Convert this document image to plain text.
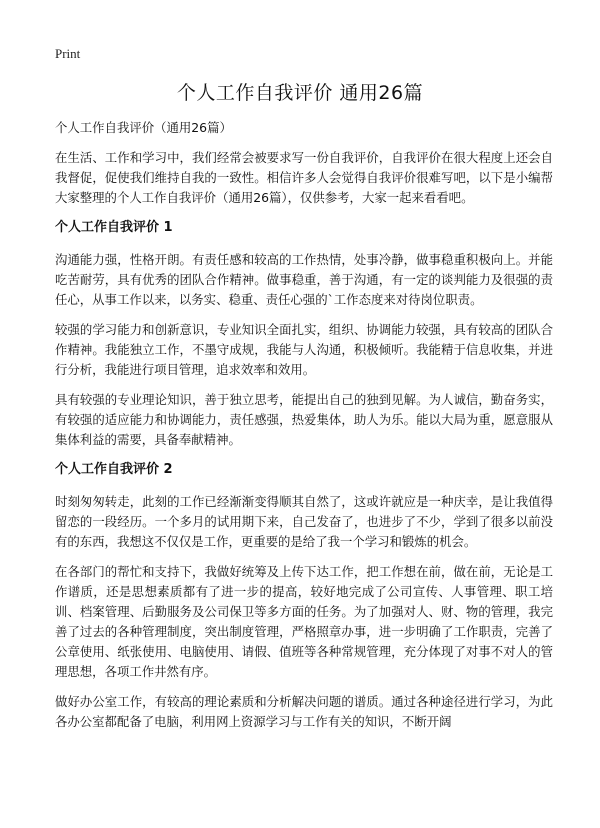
Print
个人工作自我评价 通用26篇

个人工作自我评价（通用26篇）

在生活、工作和学习中，我们经常会被要求写一份自我评价，自我评价在很大程度上还会自我督促，促使我们维持自我的一致性。相信许多人会觉得自我评价很难写吧，以下是小编帮大家整理的个人工作自我评价（通用26篇），仅供参考，大家一起来看看吧。

个人工作自我评价 1

沟通能力强，性格开朗。有责任感和较高的工作热情，处事冷静，做事稳重积极向上。并能吃苦耐劳，具有优秀的团队合作精神。做事稳重，善于沟通，有一定的谈判能力及很强的责任心，从事工作以来，以务实、稳重、责任心强的`工作态度来对待岗位职责。

较强的学习能力和创新意识，专业知识全面扎实，组织、协调能力较强，具有较高的团队合作精神。我能独立工作，不墨守成规，我能与人沟通，积极倾听。我能精于信息收集，并进行分析，我能进行项目管理，追求效率和效用。

具有较强的专业理论知识，善于独立思考，能提出自己的独到见解。为人诚信，勤奋务实，有较强的适应能力和协调能力，责任感强，热爱集体，助人为乐。能以大局为重，愿意服从集体利益的需要，具备奉献精神。

个人工作自我评价 2

时刻匆匆转走，此刻的工作已经渐渐变得顺其自然了，这或许就应是一种庆幸，是让我值得留恋的一段经历。一个多月的试用期下来，自己发奋了，也进步了不少，学到了很多以前没有的东西，我想这不仅仅是工作，更重要的是给了我一个学习和锻炼的机会。

在各部门的帮忙和支持下，我做好统筹及上传下达工作，把工作想在前，做在前，无论是工作谱质，还是思想素质都有了进一步的提高，较好地完成了公司宣传、人事管理、职工培训、档案管理、后勤服务及公司保卫等多方面的任务。为了加强对人、财、物的管理，我完善了过去的各种管理制度，突出制度管理，严格照章办事，进一步明确了工作职责，完善了公章使用、纸张使用、电脑使用、请假、值班等各种常规管理，充分体现了对事不对人的管理思想，各项工作井然有序。

做好办公室工作，有较高的理论素质和分析解决问题的谱质。通过各种途径进行学习，为此各办公室都配备了电脑，利用网上资源学习与工作有关的知识，不断开阔
